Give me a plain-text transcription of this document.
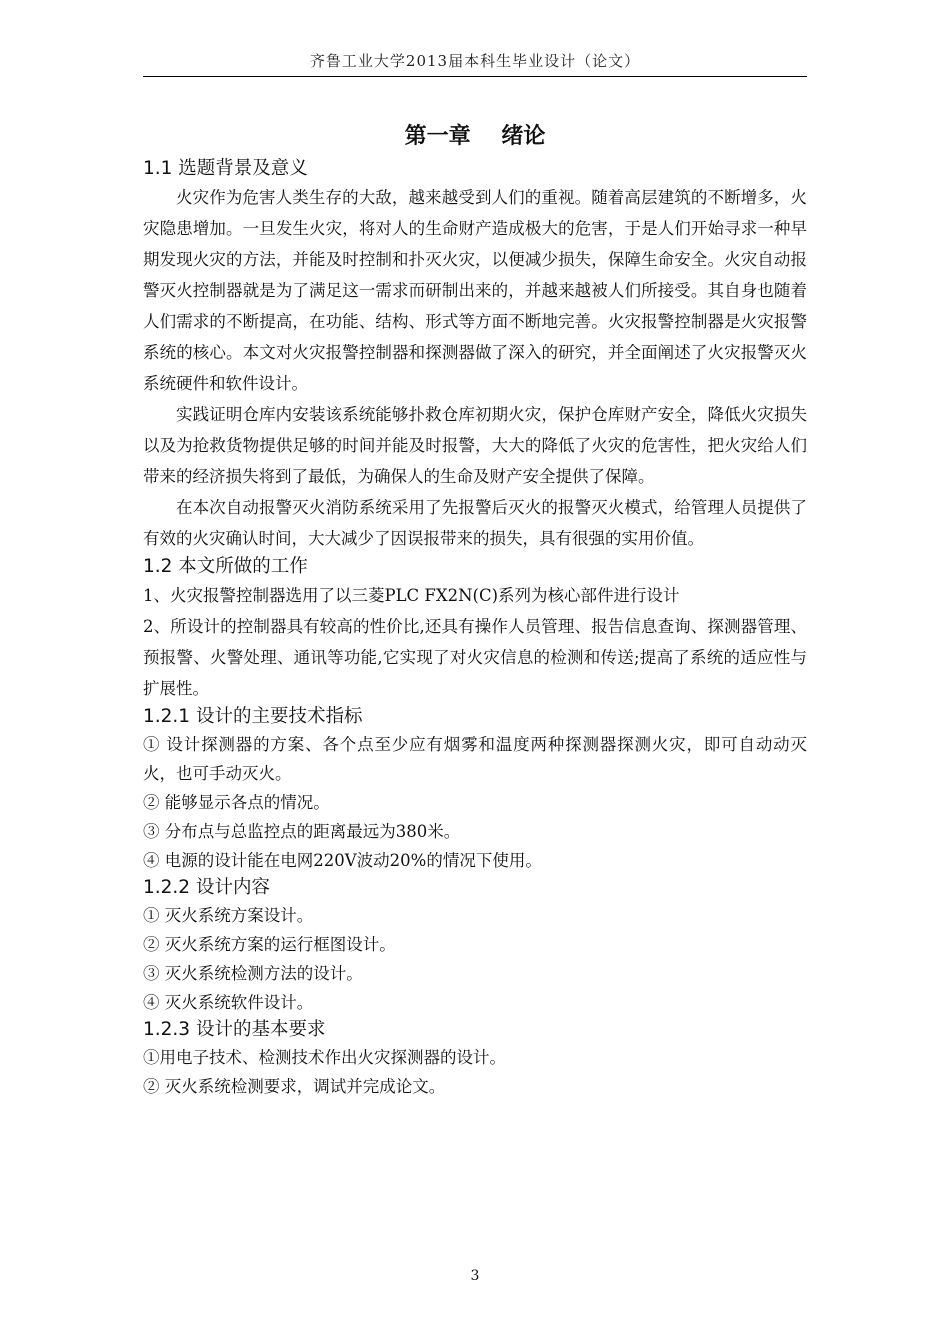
齐鲁工业大学2013届本科生毕业设计（论文）
第一章 绪论
1.1 选题背景及意义

火灾作为危害人类生存的大敌，越来越受到人们的重视。随着高层建筑的不断增多，火灾隐患增加。一旦发生火灾，将对人的生命财产造成极大的危害，于是人们开始寻求一种早期发现火灾的方法，并能及时控制和扑灭火灾，以便减少损失，保障生命安全。火灾自动报警灭火控制器就是为了满足这一需求而研制出来的，并越来越被人们所接受。其自身也随着人们需求的不断提高，在功能、结构、形式等方面不断地完善。火灾报警控制器是火灾报警系统的核心。本文对火灾报警控制器和探测器做了深入的研究，并全面阐述了火灾报警灭火系统硬件和软件设计。

实践证明仓库内安装该系统能够扑救仓库初期火灾，保护仓库财产安全，降低火灾损失以及为抢救货物提供足够的时间并能及时报警，大大的降低了火灾的危害性，把火灾给人们带来的经济损失将到了最低，为确保人的生命及财产安全提供了保障。

在本次自动报警灭火消防系统采用了先报警后灭火的报警灭火模式，给管理人员提供了有效的火灾确认时间，大大减少了因误报带来的损失，具有很强的实用价值。

1.2 本文所做的工作

1、火灾报警控制器选用了以三菱PLC FX2N(C)系列为核心部件进行设计

2、所设计的控制器具有较高的性价比,还具有操作人员管理、报告信息查询、探测器管理、预报警、火警处理、通讯等功能,它实现了对火灾信息的检测和传送;提高了系统的适应性与扩展性。

1.2.1 设计的主要技术指标

① 设计探测器的方案、各个点至少应有烟雾和温度两种探测器探测火灾，即可自动动灭火，也可手动灭火。

② 能够显示各点的情况。

③ 分布点与总监控点的距离最远为380米。

④ 电源的设计能在电网220V波动20%的情况下使用。

1.2.2 设计内容

① 灭火系统方案设计。

② 灭火系统方案的运行框图设计。

③ 灭火系统检测方法的设计。

④ 灭火系统软件设计。

1.2.3 设计的基本要求

①用电子技术、检测技术作出火灾探测器的设计。

② 灭火系统检测要求，调试并完成论文。

3
